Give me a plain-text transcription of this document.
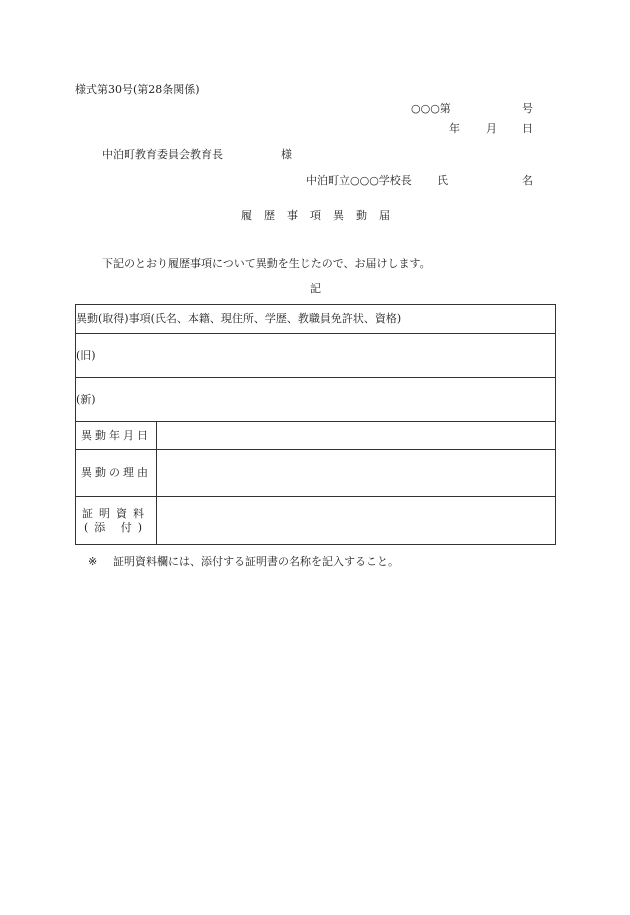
様式第30号(第28条関係)
○○○第	号
年 月 日
中泊町教育委員会教育長	様
中泊町立○○○学校長 氏	名
履歴事項異動届
下記のとおり履歴事項について異動を生じたので、お届けします。
記
異動(取得)事項(氏名、本籍、現住所、学歴、教職員免許状、資格)	
(旧)	
(新)	
異動年月日	
異動の理由	

証明資料
(添 付)	

※ 証明資料欄には、添付する証明書の名称を記入すること。
